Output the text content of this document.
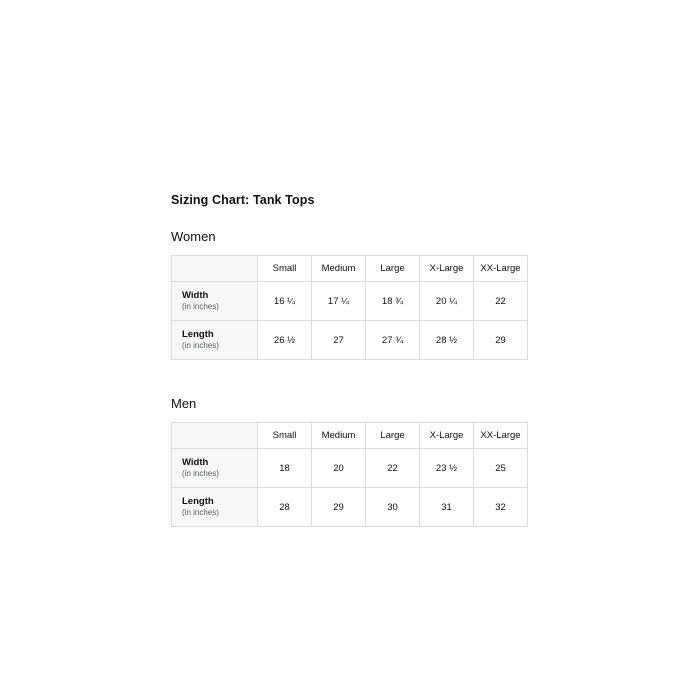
Sizing Chart: Tank Tops
Women
	Small	Medium	Large	X-Large	XX-Large

Width
(in inches)	16 ¼	17 ¼	18 ¾	20 ¼	22

Length
(in inches)	26 ½	27	27 ¾	28 ½	29
Men
	Small	Medium	Large	X-Large	XX-Large

Width
(in inches)	18	20	22	23 ½	25

Length
(in inches)	28	29	30	31	32
